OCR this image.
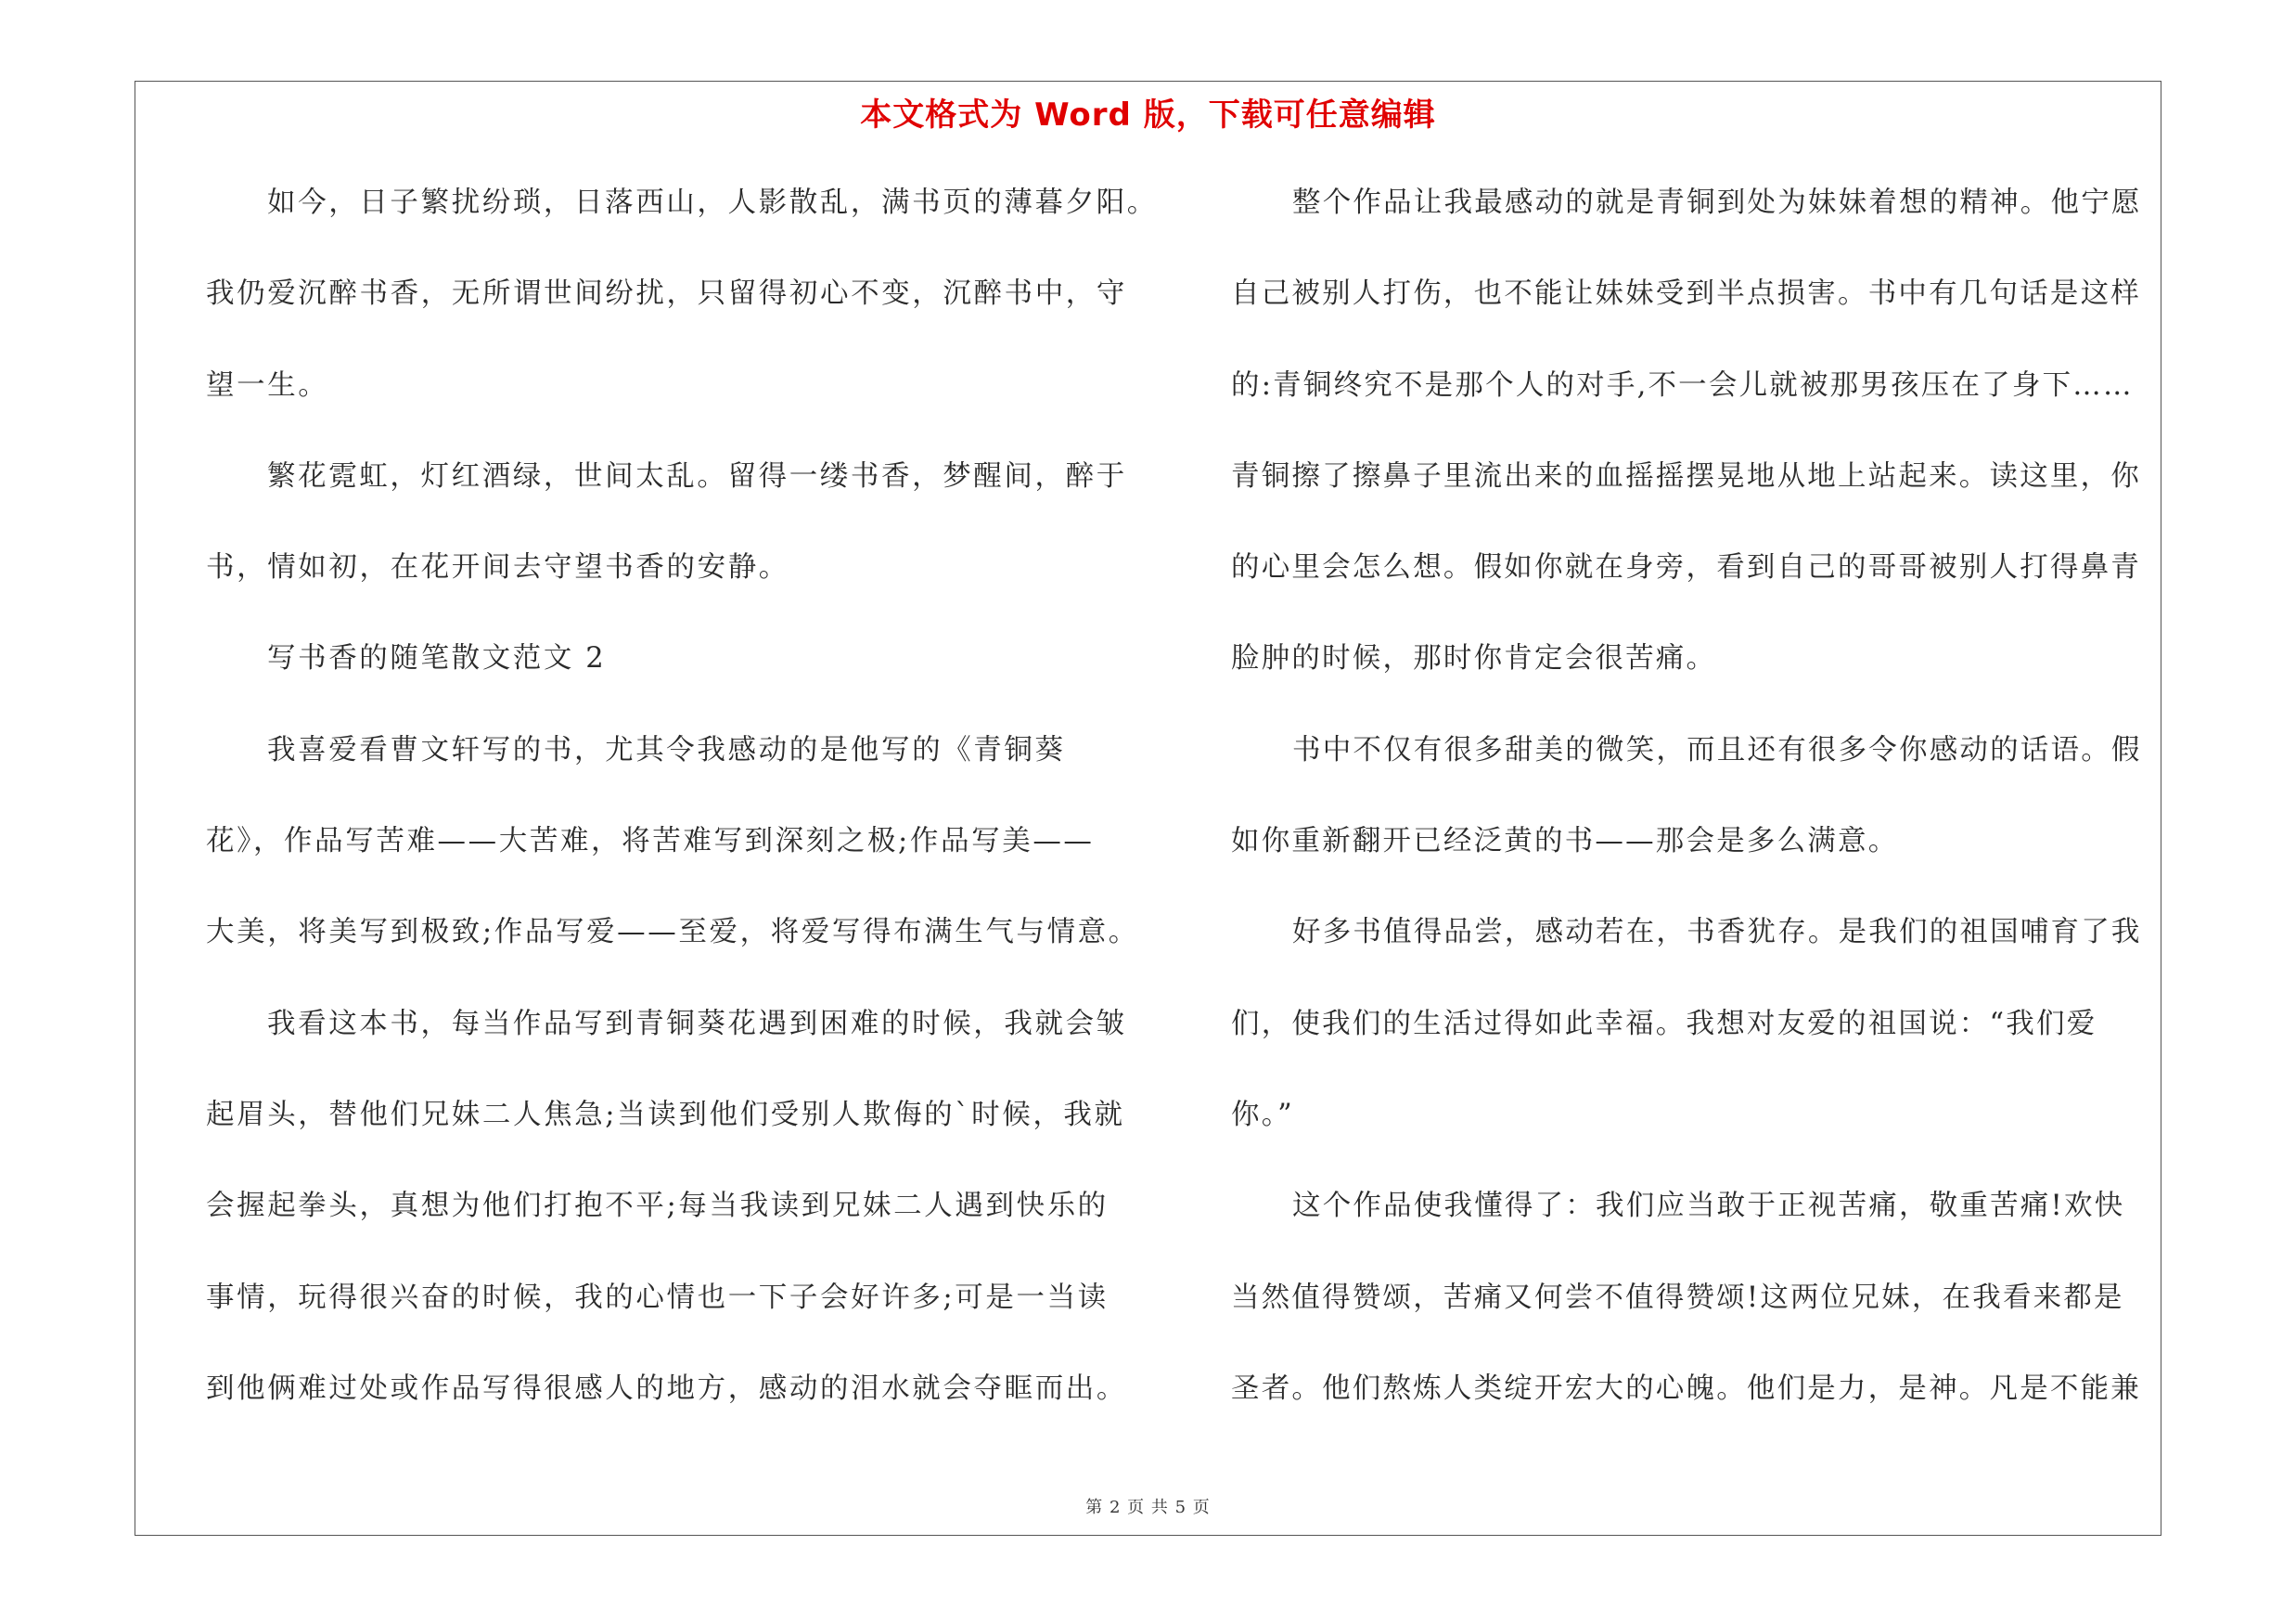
本文格式为 Word 版，下载可任意编辑
如今，日子繁扰纷琐，日落西山，人影散乱，满书页的薄暮夕阳。
我仍爱沉醉书香，无所谓世间纷扰，只留得初心不变，沉醉书中，守
望一生。
繁花霓虹，灯红酒绿，世间太乱。留得一缕书香，梦醒间，醉于
书，情如初，在花开间去守望书香的安静。
写书香的随笔散文范文 2
我喜爱看曹文轩写的书，尤其令我感动的是他写的《青铜葵
花》，作品写苦难——大苦难，将苦难写到深刻之极;作品写美——
大美，将美写到极致;作品写爱——至爱，将爱写得布满生气与情意。
我看这本书，每当作品写到青铜葵花遇到困难的时候，我就会皱
起眉头，替他们兄妹二人焦急;当读到他们受别人欺侮的`时候，我就
会握起拳头，真想为他们打抱不平;每当我读到兄妹二人遇到快乐的
事情，玩得很兴奋的时候，我的心情也一下子会好许多;可是一当读
到他俩难过处或作品写得很感人的地方，感动的泪水就会夺眶而出。
整个作品让我最感动的就是青铜到处为妹妹着想的精神。他宁愿
自己被别人打伤，也不能让妹妹受到半点损害。书中有几句话是这样
的:青铜终究不是那个人的对手,不一会儿就被那男孩压在了身下……
青铜擦了擦鼻子里流出来的血摇摇摆晃地从地上站起来。读这里，你
的心里会怎么想。假如你就在身旁，看到自己的哥哥被别人打得鼻青
脸肿的时候，那时你肯定会很苦痛。
书中不仅有很多甜美的微笑，而且还有很多令你感动的话语。假
如你重新翻开已经泛黄的书——那会是多么满意。
好多书值得品尝，感动若在，书香犹存。是我们的祖国哺育了我
们，使我们的生活过得如此幸福。我想对友爱的祖国说：“我们爱
你。”
这个作品使我懂得了：我们应当敢于正视苦痛，敬重苦痛!欢快
当然值得赞颂，苦痛又何尝不值得赞颂!这两位兄妹，在我看来都是
圣者。他们熬炼人类绽开宏大的心魄。他们是力，是神。凡是不能兼
第 2 页 共 5 页
